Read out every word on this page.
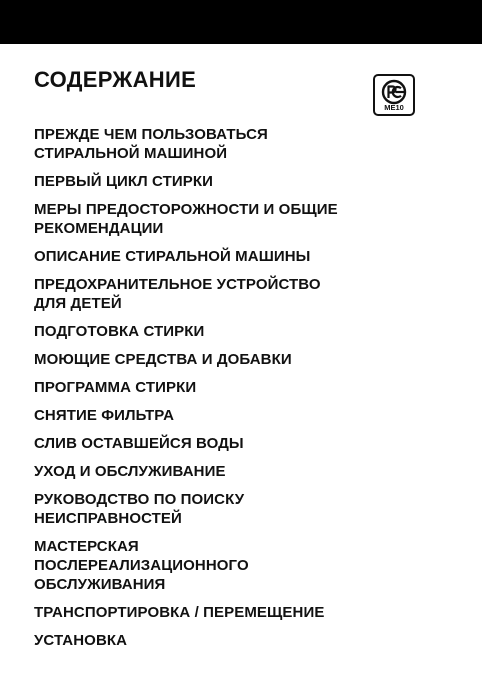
СОДЕРЖАНИЕ
ME10
ПРЕЖДЕ ЧЕМ ПОЛЬЗОВАТЬСЯ
СТИРАЛЬНОЙ МАШИНОЙ
ПЕРВЫЙ ЦИКЛ СТИРКИ
МЕРЫ ПРЕДОСТОРОЖНОСТИ И ОБЩИЕ
РЕКОМЕНДАЦИИ
ОПИСАНИЕ СТИРАЛЬНОЙ МАШИНЫ
ПРЕДОХРАНИТЕЛЬНОЕ УСТРОЙСТВО
ДЛЯ ДЕТЕЙ
ПОДГОТОВКА СТИРКИ
МОЮЩИЕ СРЕДСТВА И ДОБАВКИ
ПРОГРАММА СТИРКИ
СНЯТИЕ ФИЛЬТРА
СЛИВ ОСТАВШЕЙСЯ ВОДЫ
УХОД И ОБСЛУЖИВАНИЕ
РУКОВОДСТВО ПО ПОИСКУ
НЕИСПРАВНОСТЕЙ
МАСТЕРСКАЯ
ПОСЛЕРЕАЛИЗАЦИОННОГО
ОБСЛУЖИВАНИЯ
ТРАНСПОРТИРОВКА / ПЕРЕМЕЩЕНИЕ
УСТАНОВКА
